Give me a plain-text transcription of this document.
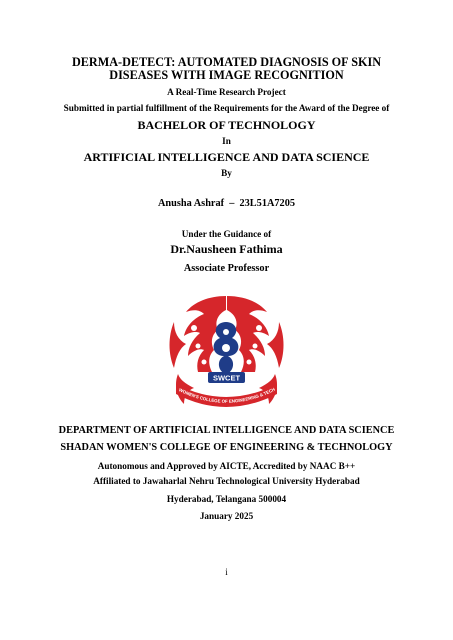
DERMA-DETECT: AUTOMATED DIAGNOSIS OF SKIN
DISEASES WITH IMAGE RECOGNITION
A Real-Time Research Project
Submitted in partial fulfillment of the Requirements for the Award of the Degree of
BACHELOR OF TECHNOLOGY
In
ARTIFICIAL INTELLIGENCE AND DATA SCIENCE
By
Anusha Ashraf  –  23L51A7205
Under the Guidance of
Dr.Nausheen Fathima
Associate Professor
SWCET
WOMEN'S COLLEGE OF ENGINEERING & TECH
DEPARTMENT OF ARTIFICIAL INTELLIGENCE AND DATA SCIENCE
SHADAN WOMEN'S COLLEGE OF ENGINEERING & TECHNOLOGY
Autonomous and Approved by AICTE, Accredited by NAAC B++
Affiliated to Jawaharlal Nehru Technological University Hyderabad
Hyderabad, Telangana 500004
January 2025
i
